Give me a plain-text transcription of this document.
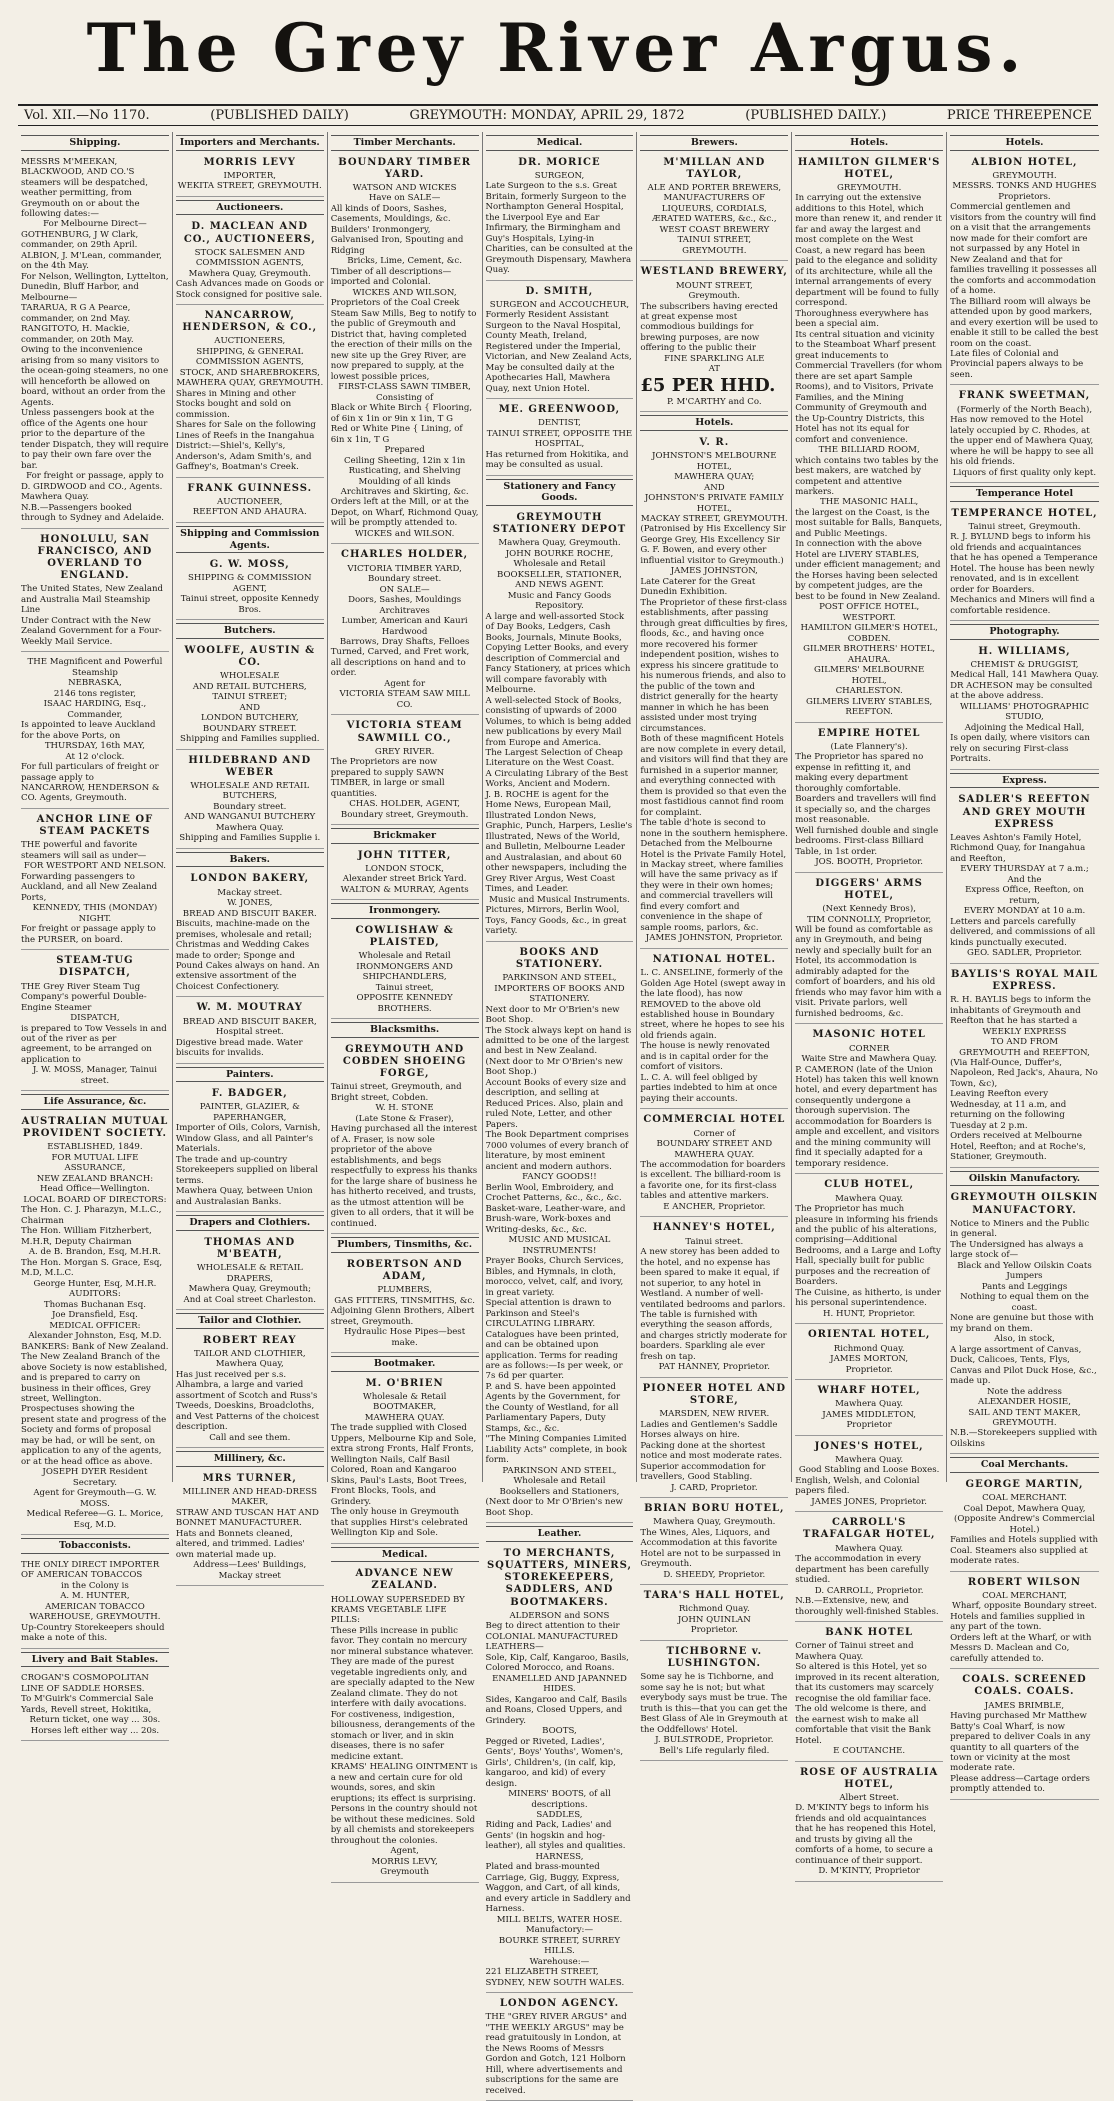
The Grey River Argus.
Vol. XII.—No 1170.	(PUBLISHED DAILY)	GREYMOUTH: MONDAY, APRIL 29, 1872	(PUBLISHED DAILY.)	PRICE THREEPENCE
Shipping.
MESSRS M'MEEKAN, BLACKWOOD, AND CO.'S steamers will be despatched, weather permitting, from Greymouth on or about the following dates:—
For Melbourne Direct—
GOTHENBURG, J W Clark, commander, on 29th April.
ALBION, J. M'Lean, commander, on the 4th May.
For Nelson, Wellington, Lyttelton, Dunedin, Bluff Harbor, and Melbourne—
TARARUA, R G A Pearce, commander, on 2nd May.
RANGITOTO, H. Mackie, commander, on 20th May.
Owing to the inconvenience arising from so many visitors to the ocean-going steamers, no one will henceforth be allowed on board, without an order from the Agents.
Unless passengers book at the office of the Agents one hour prior to the departure of the tender Dispatch, they will require to pay their own fare over the bar.
For freight or passage, apply to
D. GIRDWOOD and CO., Agents. Mawhera Quay.
N.B.—Passengers booked through to Sydney and Adelaide.
HONOLULU, SAN FRANCISCO, AND OVERLAND TO ENGLAND.
The United States, New Zealand and Australia Mail Steamship Line
Under Contract with the New Zealand Government for a Four-Weekly Mail Service.
THE Magnificent and Powerful Steamship
NEBRASKA,
2146 tons register,
ISAAC HARDING, Esq., Commander,
Is appointed to leave Auckland for the above Ports, on
THURSDAY, 16th MAY,
At 12 o'clock.
For full particulars of freight or passage apply to
NANCARROW, HENDERSON & CO. Agents, Greymouth.
ANCHOR LINE OF STEAM PACKETS
THE powerful and favorite steamers will sail as under—
FOR WESTPORT AND NELSON.
Forwarding passengers to Auckland, and all New Zealand Ports,
KENNEDY, THIS (MONDAY) NIGHT.
For freight or passage apply to the PURSER, on board.
STEAM-TUG DISPATCH,
THE Grey River Steam Tug Company's powerful Double-Engine Steamer
DISPATCH,
is prepared to Tow Vessels in and out of the river as per agreement, to be arranged on application to
J. W. MOSS, Manager, Tainui street.
Life Assurance, &c.
AUSTRALIAN MUTUAL PROVIDENT SOCIETY.
ESTABLISHED, 1849.
FOR MUTUAL LIFE ASSURANCE,
NEW ZEALAND BRANCH:
Head Office—Wellington.
LOCAL BOARD OF DIRECTORS:
The Hon. C. J. Pharazyn, M.L.C., Chairman
The Hon. William Fitzherbert, M.H.R, Deputy Chairman
A. de B. Brandon, Esq, M.H.R.
The Hon. Morgan S. Grace, Esq, M.D, M.L.C.
George Hunter, Esq, M.H.R.
AUDITORS:
Thomas Buchanan Esq.
Joe Dransfield, Esq.
MEDICAL OFFICER:
Alexander Johnston, Esq, M.D.
BANKERS: Bank of New Zealand.
The New Zealand Branch of the above Society is now established, and is prepared to carry on business in their offices, Grey street, Wellington.
Prospectuses showing the present state and progress of the Society and forms of proposal may be had, or will be sent, on application to any of the agents, or at the head office as above.
JOSEPH DYER Resident Secretary.
Agent for Greymouth—G. W. MOSS.
Medical Referee—G. L. Morice, Esq, M.D.
Tobacconists.
THE ONLY DIRECT IMPORTER OF AMERICAN TOBACCOS
in the Colony is
A. M. HUNTER,
AMERICAN TOBACCO WAREHOUSE, GREYMOUTH.
Up-Country Storekeepers should make a note of this.
Livery and Bait Stables.
CROGAN'S COSMOPOLITAN LINE OF SADDLE HORSES.
To M'Guirk's Commercial Sale Yards, Revell street, Hokitika,
Return ticket, one way ... 30s.
Horses left either way ... 20s.
Importers and Merchants.
MORRIS LEVY
IMPORTER,
WEKITA STREET, GREYMOUTH.
Auctioneers.
D. MACLEAN AND CO., AUCTIONEERS,
STOCK SALESMEN AND COMMISSION AGENTS,
Mawhera Quay, Greymouth.
Cash Advances made on Goods or Stock consigned for positive sale.
NANCARROW, HENDERSON, & CO.,
AUCTIONEERS,
SHIPPING, & GENERAL COMMISSION AGENTS,
STOCK, AND SHAREBROKERS,
MAWHERA QUAY, GREYMOUTH.
Shares in Mining and other Stocks bought and sold on commission.
Shares for Sale on the following Lines of Reefs in the Inangahua District:—Shiel's, Kelly's, Anderson's, Adam Smith's, and Gaffney's, Boatman's Creek.
FRANK GUINNESS.
AUCTIONEER,
REEFTON AND AHAURA.
Shipping and Commission Agents.
G. W. MOSS,
SHIPPING & COMMISSION AGENT,
Tainui street, opposite Kennedy Bros.
Butchers.
WOOLFE, AUSTIN & CO.
WHOLESALE
AND RETAIL BUTCHERS,
TAINUI STREET;
AND
LONDON BUTCHERY,
BOUNDARY STREET.
Shipping and Families supplied.
HILDEBRAND AND WEBER
WHOLESALE AND RETAIL BUTCHERS,
Boundary street.
AND WANGANUI BUTCHERY
Mawhera Quay.
Shipping and Families Supplie i.
Bakers.
LONDON BAKERY,
Mackay street.
W. JONES,
BREAD AND BISCUIT BAKER.
Biscuits, machine-made on the premises, wholesale and retail; Christmas and Wedding Cakes made to order; Sponge and Pound Cakes always on hand. An extensive assortment of the Choicest Confectionery.
W. M. MOUTRAY
BREAD AND BISCUIT BAKER,
Hospital street.
Digestive bread made. Water biscuits for invalids.
Painters.
F. BADGER,
PAINTER, GLAZIER, & PAPERHANGER,
Importer of Oils, Colors, Varnish, Window Glass, and all Painter's Materials.
The trade and up-country Storekeepers supplied on liberal terms.
Mawhera Quay, between Union and Australasian Banks.
Drapers and Clothiers.
THOMAS AND M'BEATH,
WHOLESALE & RETAIL DRAPERS,
Mawhera Quay, Greymouth;
And at Coal street Charleston.
Tailor and Clothier.
ROBERT REAY
TAILOR AND CLOTHIER,
Mawhera Quay,
Has just received per s.s. Alhambra, a large and varied assortment of Scotch and Russ's Tweeds, Doeskins, Broadcloths, and Vest Patterns of the choicest description.
Call and see them.
Millinery, &c.
MRS TURNER,
MILLINER AND HEAD-DRESS MAKER,
STRAW AND TUSCAN HAT AND BONNET MANUFACTURER.
Hats and Bonnets cleaned, altered, and trimmed. Ladies' own material made up.
Address—Lees' Buildings, Mackay street
Timber Merchants.
BOUNDARY TIMBER YARD.
WATSON AND WICKES
Have on SALE—
All kinds of Doors, Sashes, Casements, Mouldings, &c.
Builders' Ironmongery, Galvanised Iron, Spouting and Ridging
Bricks, Lime, Cement, &c.
Timber of all descriptions—imported and Colonial.
WICKES AND WILSON,
Proprietors of the Coal Creek Steam Saw Mills, Beg to notify to the public of Greymouth and District that, having completed the erection of their mills on the new site up the Grey River, are now prepared to supply, at the lowest possible prices,
FIRST-CLASS SAWN TIMBER,
Consisting of
Black or White Birch { Flooring, of 6in x 1in or 9in x 1in, T G
Red or White Pine { Lining, of 6in x 1in, T G
Prepared
Ceiling Sheeting, 12in x 1in
Rusticating, and Shelving
Moulding of all kinds
Architraves and Skirting, &c.
Orders left at the Mill, or at the Depot, on Wharf, Richmond Quay, will be promptly attended to.
WICKES and WILSON.
CHARLES HOLDER,
VICTORIA TIMBER YARD,
Boundary street.
ON SALE—
Doors, Sashes, Mouldings
Architraves
Lumber, American and Kauri
Hardwood
Barrows, Dray Shafts, Felloes
Turned, Carved, and Fret work, all descriptions on hand and to order.
Agent for
VICTORIA STEAM SAW MILL CO.
VICTORIA STEAM SAWMILL CO.,
GREY RIVER.
The Proprietors are now prepared to supply SAWN TIMBER, in large or small quantities.
CHAS. HOLDER, AGENT,
Boundary street, Greymouth.
Brickmaker
JOHN TITTER,
LONDON STOCK,
Alexander street Brick Yard.
WALTON & MURRAY, Agents
Ironmongery.
COWLISHAW & PLAISTED,
Wholesale and Retail
IRONMONGERS AND SHIPCHANDLERS,
Tainui street,
OPPOSITE KENNEDY BROTHERS.
Blacksmiths.
GREYMOUTH AND COBDEN SHOEING FORGE,
Tainui street, Greymouth, and Bright street, Cobden.
W. H. STONE
(Late Stone & Fraser),
Having purchased all the interest of A. Fraser, is now sole proprietor of the above establishments, and begs respectfully to express his thanks for the large share of business he has hitherto received, and trusts, as the utmost attention will be given to all orders, that it will be continued.
Plumbers, Tinsmiths, &c.
ROBERTSON AND ADAM,
PLUMBERS,
GAS FITTERS, TINSMITHS, &c.
Adjoining Glenn Brothers, Albert street, Greymouth.
Hydraulic Hose Pipes—best make.
Bootmaker.
M. O'BRIEN
Wholesale & Retail
BOOTMAKER,
MAWHERA QUAY.
The trade supplied with Closed Uppers, Melbourne Kip and Sole, extra strong Fronts, Half Fronts, Wellington Nails, Calf Basil Colored, Roan and Kangaroo Skins, Paul's Lasts, Boot Trees, Front Blocks, Tools, and Grindery.
The only house in Greymouth that supplies Hirst's celebrated Wellington Kip and Sole.
Medical.
ADVANCE NEW ZEALAND.
HOLLOWAY SUPERSEDED BY KRAMS VEGETABLE LIFE PILLS:
These Pills increase in public favor. They contain no mercury nor mineral substance whatever. They are made of the purest vegetable ingredients only, and are specially adapted to the New Zealand climate. They do not interfere with daily avocations. For costiveness, indigestion, biliousness, derangements of the stomach or liver, and in skin diseases, there is no safer medicine extant.
KRAMS' HEALING OINTMENT is a new and certain cure for old wounds, sores, and skin eruptions; its effect is surprising. Persons in the country should not be without these medicines. Sold by all chemists and storekeepers throughout the colonies.
Agent,
MORRIS LEVY,
Greymouth
Medical.
DR. MORICE
SURGEON,
Late Surgeon to the s.s. Great Britain, formerly Surgeon to the Northampton General Hospital, the Liverpool Eye and Ear Infirmary, the Birmingham and Guy's Hospitals, Lying-in Charities, can be consulted at the Greymouth Dispensary, Mawhera Quay.
D. SMITH,
SURGEON and ACCOUCHEUR,
Formerly Resident Assistant Surgeon to the Naval Hospital, County Meath, Ireland,
Registered under the Imperial, Victorian, and New Zealand Acts,
May be consulted daily at the Apothecaries Hall, Mawhera Quay, next Union Hotel.
ME. GREENWOOD,
DENTIST,
TAINUI STREET, OPPOSITE THE HOSPITAL,
Has returned from Hokitika, and may be consulted as usual.
Stationery and Fancy Goods.
GREYMOUTH STATIONERY DEPOT
Mawhera Quay, Greymouth.
JOHN BOURKE ROCHE,
Wholesale and Retail
BOOKSELLER, STATIONER, AND NEWS AGENT.
Music and Fancy Goods Repository.
A large and well-assorted Stock of Day Books, Ledgers, Cash Books, Journals, Minute Books, Copying Letter Books, and every description of Commercial and Fancy Stationery, at prices which will compare favorably with Melbourne.
A well-selected Stock of Books, consisting of upwards of 2000 Volumes, to which is being added new publications by every Mail from Europe and America.
The Largest Selection of Cheap Literature on the West Coast.
A Circulating Library of the Best Works, Ancient and Modern.
J. B. ROCHE is agent for the Home News, European Mail, Illustrated London News, Graphic, Punch, Harpers, Leslie's Illustrated, News of the World, and Bulletin, Melbourne Leader and Australasian, and about 60 other newspapers, including the Grey River Argus, West Coast Times, and Leader.
Music and Musical Instruments.
Pictures, Mirrors, Berlin Wool, Toys, Fancy Goods, &c., in great variety.
BOOKS AND STATIONERY.
PARKINSON AND STEEL,
IMPORTERS OF BOOKS AND STATIONERY.
Next door to Mr O'Brien's new Boot Shop.
The Stock always kept on hand is admitted to be one of the largest and best in New Zealand.
(Next door to Mr O'Brien's new Boot Shop.)
Account Books of every size and description, and selling at Reduced Prices. Also, plain and ruled Note, Letter, and other Papers.
The Book Department comprises 7000 volumes of every branch of literature, by most eminent ancient and modern authors.
FANCY GOODS!!
Berlin Wool, Embroidery, and Crochet Patterns, &c., &c., &c.
Basket-ware, Leather-ware, and Brush-ware, Work-boxes and Writing-desks, &c., &c.
MUSIC AND MUSICAL INSTRUMENTS!
Prayer Books, Church Services, Bibles, and Hymnals, in cloth, morocco, velvet, calf, and ivory, in great variety.
Special attention is drawn to Parkinson and Steel's CIRCULATING LIBRARY. Catalogues have been printed, and can be obtained upon application. Terms for reading are as follows:—Is per week, or 7s 6d per quarter.
P. and S. have been appointed Agents by the Government, for the County of Westland, for all Parliamentary Papers, Duty Stamps, &c., &c.
"The Mining Companies Limited Liability Acts" complete, in book form.
PARKINSON AND STEEL,
Wholesale and Retail
Booksellers and Stationers,
(Next door to Mr O'Brien's new Boot Shop.
Leather.
TO MERCHANTS, SQUATTERS, MINERS, STOREKEEPERS, SADDLERS, AND BOOTMAKERS.
ALDERSON and SONS
Beg to direct attention to their COLONIAL MANUFACTURED LEATHERS—
Sole, Kip, Calf, Kangaroo, Basils, Colored Morocco, and Roans.
ENAMELLED AND JAPANNED HIDES.
Sides, Kangaroo and Calf, Basils and Roans, Closed Uppers, and Grindery.
BOOTS,
Pegged or Riveted, Ladies', Gents', Boys' Youths', Women's, Girls', Children's, (in calf, kip, kangaroo, and kid) of every design.
MINERS' BOOTS, of all descriptions.
SADDLES,
Riding and Pack, Ladies' and Gents' (in hogskin and hog-leather), all styles and qualities.
HARNESS,
Plated and brass-mounted Carriage, Gig, Buggy, Express, Waggon, and Cart, of all kinds, and every article in Saddlery and Harness.
MILL BELTS, WATER HOSE.
Manufactory:—
BOURKE STREET, SURREY HILLS.
Warehouse:—
221 ELIZABETH STREET, SYDNEY, NEW SOUTH WALES.
LONDON AGENCY.
THE "GREY RIVER ARGUS" and "THE WEEKLY ARGUS" may be read gratuitously in London, at the News Rooms of Messrs Gordon and Gotch, 121 Holborn Hill, where advertisements and subscriptions for the same are received.
Brewers.
M'MILLAN AND TAYLOR,
ALE AND PORTER BREWERS,
MANUFACTURERS OF LIQUEURS, CORDIALS,
ÆRATED WATERS, &c., &c.,
WEST COAST BREWERY
TAINUI STREET,
GREYMOUTH.
WESTLAND BREWERY,
MOUNT STREET,
Greymouth.
The subscribers having erected at great expense most commodious buildings for brewing purposes, are now offering to the public their
FINE SPARKLING ALE
AT
£5 PER HHD.
P. M'CARTHY and Co.
Hotels.
V. R.
JOHNSTON'S MELBOURNE HOTEL,
MAWHERA QUAY;
AND
JOHNSTON'S PRIVATE FAMILY HOTEL,
MACKAY STREET, GREYMOUTH.
(Patronised by His Excellency Sir George Grey, His Excellency Sir G. F. Bowen, and every other influential visitor to Greymouth.)
JAMES JOHNSTON,
Late Caterer for the Great Dunedin Exhibition.
The Proprietor of these first-class establishments, after passing through great difficulties by fires, floods, &c., and having once more recovered his former independent position, wishes to express his sincere gratitude to his numerous friends, and also to the public of the town and district generally for the hearty manner in which he has been assisted under most trying circumstances.
Both of these magnificent Hotels are now complete in every detail, and visitors will find that they are furnished in a superior manner, and everything connected with them is provided so that even the most fastidious cannot find room for complaint.
The table d'hote is second to none in the southern hemisphere.
Detached from the Melbourne Hotel is the Private Family Hotel, in Mackay street, where families will have the same privacy as if they were in their own homes; and commercial travellers will find every comfort and convenience in the shape of sample rooms, parlors, &c.
JAMES JOHNSTON, Proprietor.
NATIONAL HOTEL.
L. C. ANSELINE, formerly of the Golden Age Hotel (swept away in the late flood), has now REMOVED to the above old established house in Boundary street, where he hopes to see his old friends again.
The house is newly renovated and is in capital order for the comfort of visitors.
L. C. A. will feel obliged by parties indebted to him at once paying their accounts.
COMMERCIAL HOTEL
Corner of
BOUNDARY STREET AND MAWHERA QUAY.
The accommodation for boarders is excellent. The billiard-room is a favorite one, for its first-class tables and attentive markers.
E ANCHER, Proprietor.
HANNEY'S HOTEL,
Tainui street.
A new storey has been added to the hotel, and no expense has been spared to make it equal, if not superior, to any hotel in Westland. A number of well-ventilated bedrooms and parlors. The table is furnished with everything the season affords, and charges strictly moderate for boarders. Sparkling ale ever fresh on tap.
PAT HANNEY, Proprietor.
PIONEER HOTEL AND STORE,
MARSDEN, NEW RIVER.
Ladies and Gentlemen's Saddle Horses always on hire.
Packing done at the shortest notice and most moderate rates.
Superior accommodation for travellers, Good Stabling.
J. CARD, Proprietor.
BRIAN BORU HOTEL,
Mawhera Quay, Greymouth.
The Wines, Ales, Liquors, and Accommodation at this favorite Hotel are not to be surpassed in Greymouth.
D. SHEEDY, Proprietor.
TARA'S HALL HOTEL,
Richmond Quay.
JOHN QUINLAN
Proprietor.
TICHBORNE v. LUSHINGTON.
Some say he is Tichborne, and some say he is not; but what everybody says must be true. The truth is this—that you can get the Best Glass of Ale in Greymouth at the Oddfellows' Hotel.
J. BULSTRODE, Proprietor.
Bell's Life regularly filed.
Hotels.
HAMILTON GILMER'S HOTEL,
GREYMOUTH.
In carrying out the extensive additions to this Hotel, which more than renew it, and render it far and away the largest and most complete on the West Coast, a new regard has been paid to the elegance and solidity of its architecture, while all the internal arrangements of every department will be found to fully correspond.
Thoroughness everywhere has been a special aim.
Its central situation and vicinity to the Steamboat Wharf present great inducements to Commercial Travellers (for whom there are set apart Sample Rooms), and to Visitors, Private Families, and the Mining Community of Greymouth and the Up-Country Districts, this Hotel has not its equal for comfort and convenience.
THE BILLIARD ROOM,
which contains two tables by the best makers, are watched by competent and attentive markers.
THE MASONIC HALL,
the largest on the Coast, is the most suitable for Balls, Banquets, and Public Meetings.
In connection with the above Hotel are LIVERY STABLES,
under efficient management; and the Horses having been selected by competent judges, are the best to be found in New Zealand.
POST OFFICE HOTEL,
WESTPORT.
HAMILTON GILMER'S HOTEL,
COBDEN.
GILMER BROTHERS' HOTEL,
AHAURA.
GILMERS' MELBOURNE HOTEL,
CHARLESTON.
GILMERS LIVERY STABLES,
REEFTON.
EMPIRE HOTEL
(Late Flannery's).
The Proprietor has spared no expense in refitting it, and making every department thoroughly comfortable. Boarders and travellers will find it specially so, and the charges most reasonable.
Well furnished double and single bedrooms. First-class Billiard Table, in 1st order.
JOS. BOOTH, Proprietor.
DIGGERS' ARMS HOTEL,
(Next Kennedy Bros),
TIM CONNOLLY, Proprietor,
Will be found as comfortable as any in Greymouth, and being newly and specially built for an Hotel, its accommodation is admirably adapted for the comfort of boarders, and his old friends who may favor him with a visit. Private parlors, well furnished bedrooms, &c.
MASONIC HOTEL
CORNER
Waite Stre and Mawhera Quay.
P. CAMERON (late of the Union Hotel) has taken this well known hotel, and every department has consequently undergone a thorough supervision. The accommodation for Boarders is ample and excellent, and visitors and the mining community will find it specially adapted for a temporary residence.
CLUB HOTEL,
Mawhera Quay.
The Proprietor has much pleasure in informing his friends and the public of his alterations, comprising—Additional Bedrooms, and a Large and Lofty Hall, specially built for public purposes and the recreation of Boarders.
The Cuisine, as hitherto, is under his personal superintendence.
H. HUNT, Proprietor.
ORIENTAL HOTEL,
Richmond Quay.
JAMES MORTON,
Proprietor.
WHARF HOTEL,
Mawhera Quay.
JAMES MIDDLETON,
Proprietor
JONES'S HOTEL,
Mawhera Quay.
Good Stabling and Loose Boxes.
English, Welsh, and Colonial papers filed.
JAMES JONES, Proprietor.
CARROLL'S TRAFALGAR HOTEL,
Mawhera Quay.
The accommodation in every department has been carefully studied.
D. CARROLL, Proprietor.
N.B.—Extensive, new, and thoroughly well-finished Stables.
BANK HOTEL
Corner of Tainui street and Mawhera Quay.
So altered is this Hotel, yet so improved in its recent alteration, that its customers may scarcely recognise the old familiar face. The old welcome is there, and the earnest wish to make all comfortable that visit the Bank Hotel.
E COUTANCHE.
ROSE OF AUSTRALIA HOTEL,
Albert Street.
D. M'KINTY begs to inform his friends and old acquaintances that he has reopened this Hotel, and trusts by giving all the comforts of a home, to secure a continuance of their support.
D. M'KINTY, Proprietor
Hotels.
ALBION HOTEL,
GREYMOUTH.
MESSRS. TONKS AND HUGHES Proprietors.
Commercial gentlemen and visitors from the country will find on a visit that the arrangements now made for their comfort are not surpassed by any Hotel in New Zealand and that for families travelling it possesses all the comforts and accommodation of a home.
The Billiard room will always be attended upon by good markers, and every exertion will be used to enable it still to be called the best room on the coast.
Late files of Colonial and Provincial papers always to be seen.
FRANK SWEETMAN,
(Formerly of the North Beach),
Has now removed to the Hotel lately occupied by C. Rhodes, at the upper end of Mawhera Quay, where he will be happy to see all his old friends.
Liquors of first quality only kept.
Temperance Hotel
TEMPERANCE HOTEL,
Tainui street, Greymouth.
R. J. BYLUND begs to inform his old friends and acquaintances that he has opened a Temperance Hotel. The house has been newly renovated, and is in excellent order for Boarders.
Mechanics and Miners will find a comfortable residence.
Photography.
H. WILLIAMS,
CHEMIST & DRUGGIST,
Medical Hall, 141 Mawhera Quay.
DR ACHESON may be consulted at the above address.
WILLIAMS' PHOTOGRAPHIC STUDIO,
Adjoining the Medical Hall,
Is open daily, where visitors can rely on securing First-class Portraits.
Express.
SADLER'S REEFTON AND GREY MOUTH EXPRESS
Leaves Ashton's Family Hotel, Richmond Quay, for Inangahua and Reefton,
EVERY THURSDAY at 7 a.m.;
And the
Express Office, Reefton, on return,
EVERY MONDAY at 10 a.m.
Letters and parcels carefully delivered, and commissions of all kinds punctually executed.
GEO. SADLER, Proprietor.
BAYLIS'S ROYAL MAIL EXPRESS.
R. H. BAYLIS begs to inform the inhabitants of Greymouth and Reefton that he has started a
WEEKLY EXPRESS
TO AND FROM
GREYMOUTH and REEFTON,
(Via Half-Ounce, Duffer's, Napoleon, Red Jack's, Ahaura, No Town, &c),
Leaving Reefton every Wednesday, at 11 a.m, and returning on the following Tuesday at 2 p.m.
Orders received at Melbourne Hotel, Reefton; and at Roche's, Stationer, Greymouth.
Oilskin Manufactory.
GREYMOUTH OILSKIN MANUFACTORY.
Notice to Miners and the Public in general.
The Undersigned has always a large stock of—
Black and Yellow Oilskin Coats
Jumpers
Pants and Leggings
Nothing to equal them on the coast.
None are genuine but those with my brand on them.
Also, in stock,
A large assortment of Canvas, Duck, Calicoes, Tents, Flys, Canvas and Pilot Duck Hose, &c., made up.
Note the address
ALEXANDER HOSIE,
SAIL AND TENT MAKER,
GREYMOUTH.
N.B.—Storekeepers supplied with Oilskins
Coal Merchants.
GEORGE MARTIN,
COAL MERCHANT.
Coal Depot, Mawhera Quay,
(Opposite Andrew's Commercial Hotel.)
Families and Hotels supplied with Coal. Steamers also supplied at moderate rates.
ROBERT WILSON
COAL MERCHANT,
Wharf, opposite Boundary street.
Hotels and families supplied in any part of the town.
Orders left at the Wharf, or with Messrs D. Maclean and Co, carefully attended to.
COALS. SCREENED COALS. COALS.
JAMES BRIMBLE,
Having purchased Mr Matthew Batty's Coal Wharf, is now prepared to deliver Coals in any quantity to all quarters of the town or vicinity at the most moderate rate.
Please address—Cartage orders promptly attended to.
